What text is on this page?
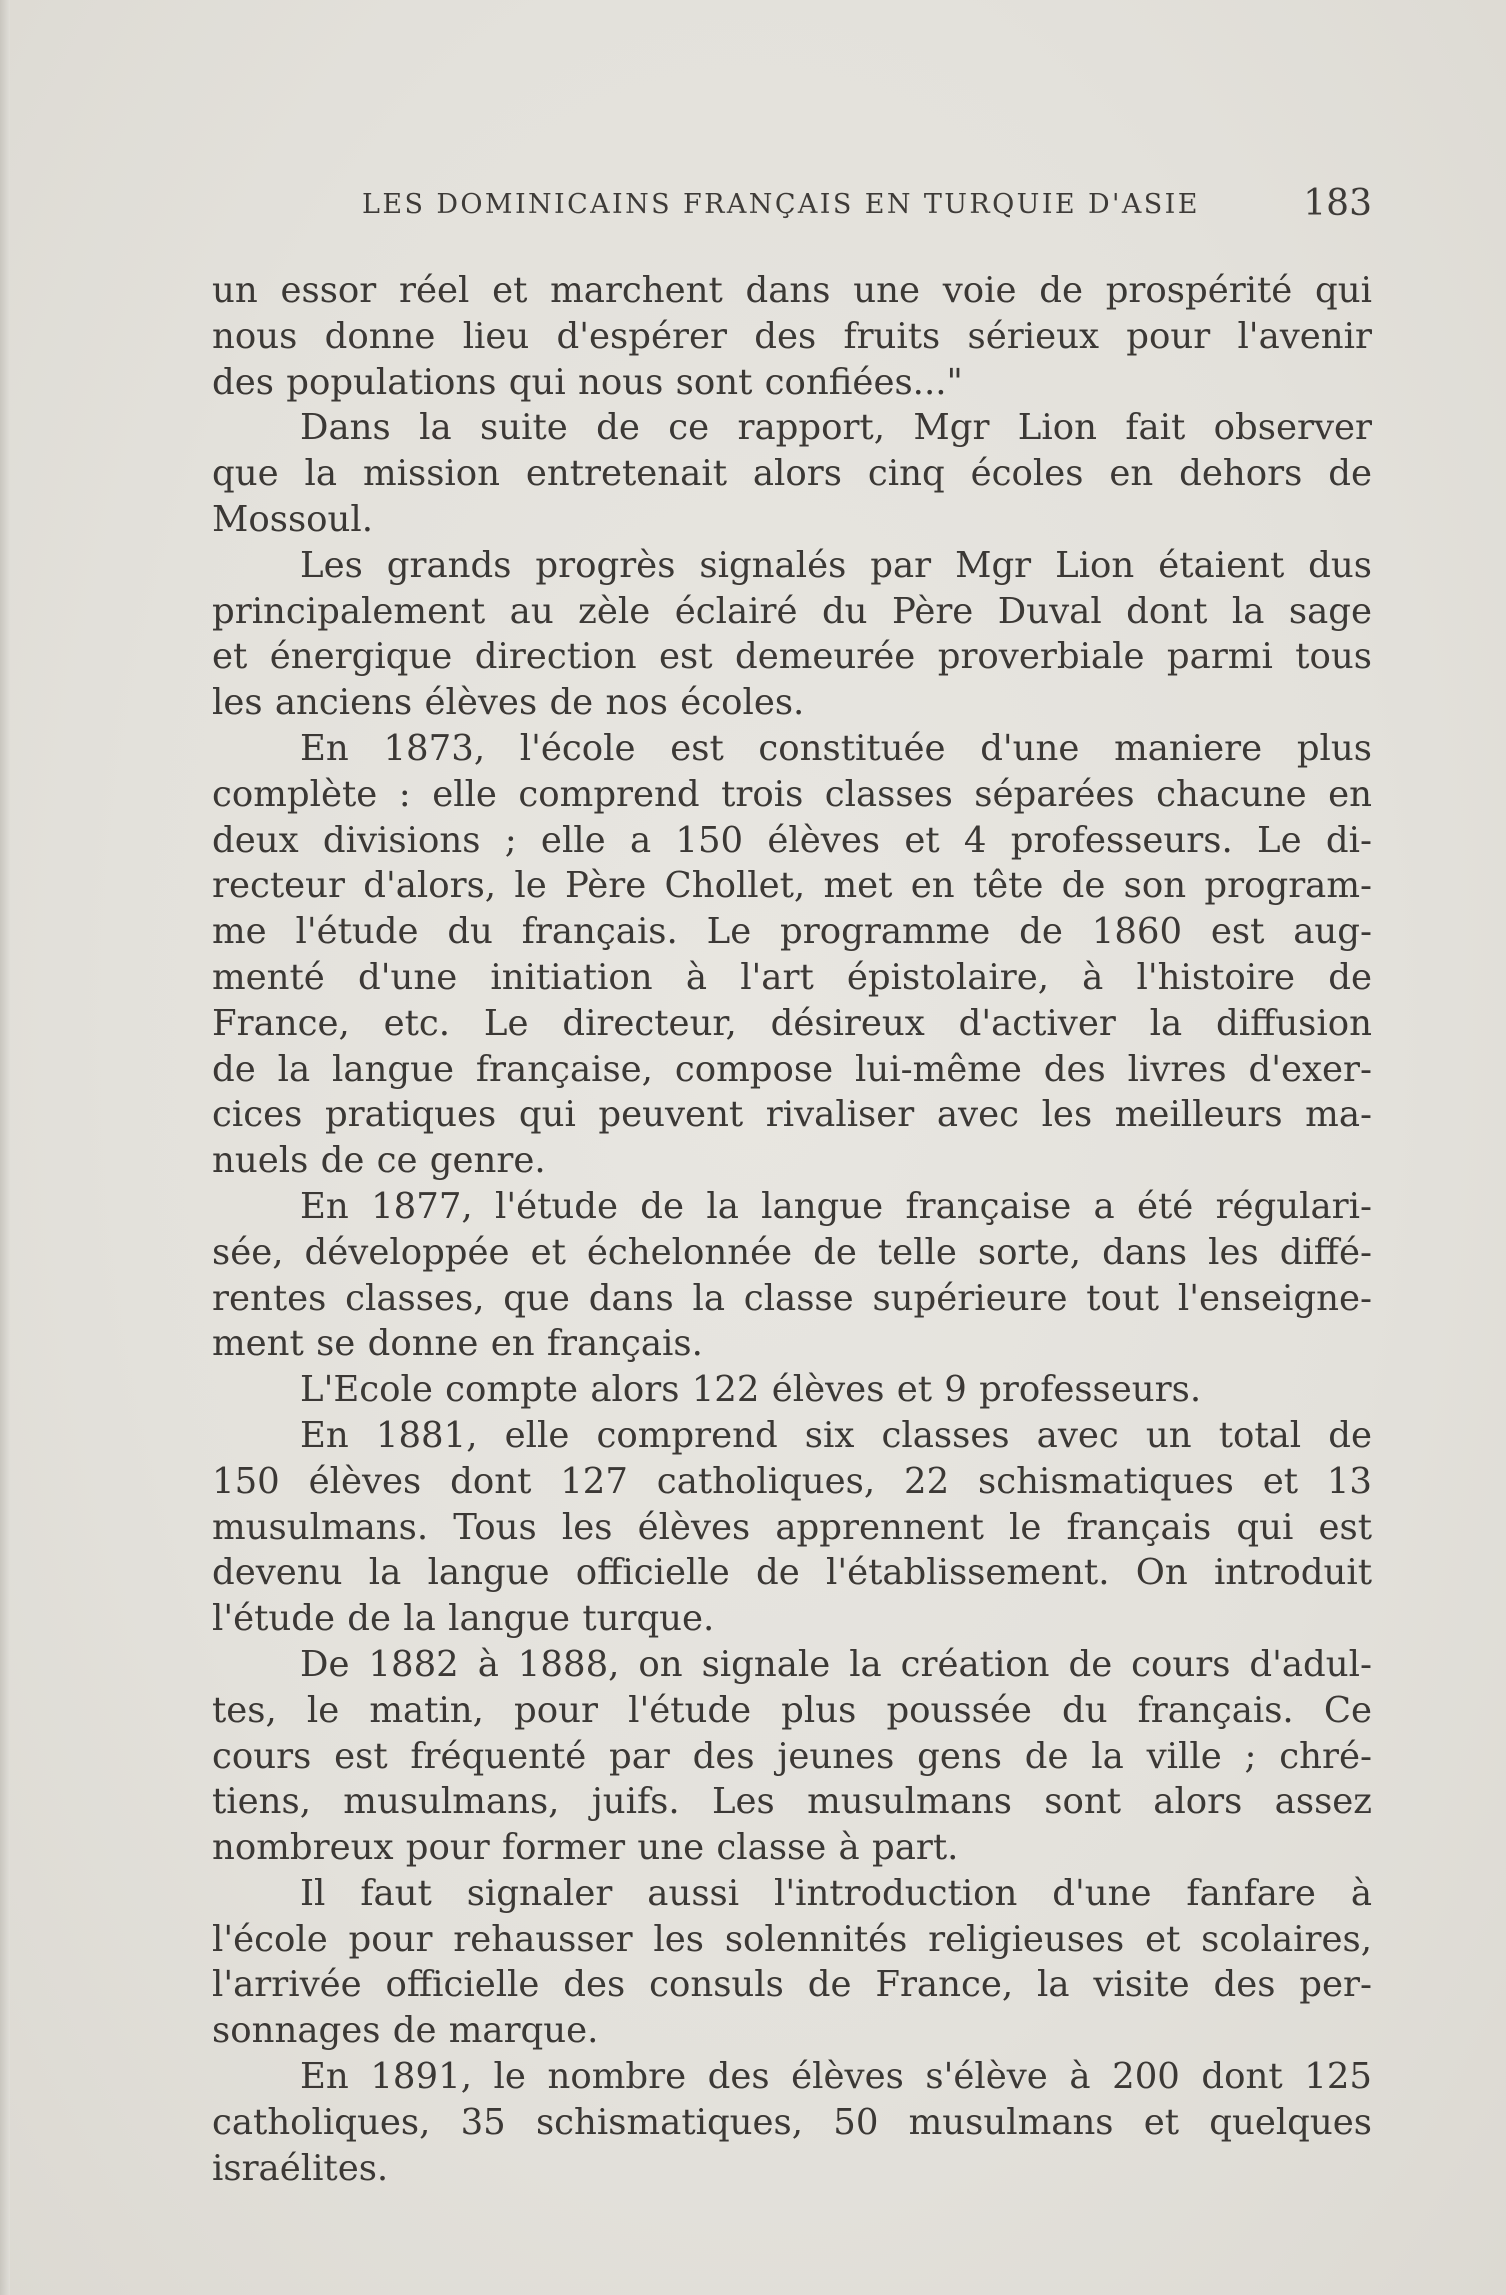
LES DOMINICAINS FRANÇAIS EN TURQUIE D'ASIE	183

un essor réel et marchent dans une voie de prospérité qui

nous donne lieu d'espérer des fruits sérieux pour l'avenir

des populations qui nous sont confiées..."

Dans la suite de ce rapport, Mgr Lion fait observer

que la mission entretenait alors cinq écoles en dehors de

Mossoul.

Les grands progrès signalés par Mgr Lion étaient dus

principalement au zèle éclairé du Père Duval dont la sage

et énergique direction est demeurée proverbiale parmi tous

les anciens élèves de nos écoles.

En 1873, l'école est constituée d'une maniere plus

complète : elle comprend trois classes séparées chacune en

deux divisions ; elle a 150 élèves et 4 professeurs. Le di-

recteur d'alors, le Père Chollet, met en tête de son program-

me l'étude du français. Le programme de 1860 est aug-

menté d'une initiation à l'art épistolaire, à l'histoire de

France, etc. Le directeur, désireux d'activer la diffusion

de la langue française, compose lui-même des livres d'exer-

cices pratiques qui peuvent rivaliser avec les meilleurs ma-

nuels de ce genre.

En 1877, l'étude de la langue française a été régulari-

sée, développée et échelonnée de telle sorte, dans les diffé-

rentes classes, que dans la classe supérieure tout l'enseigne-

ment se donne en français.

L'Ecole compte alors 122 élèves et 9 professeurs.

En 1881, elle comprend six classes avec un total de

150 élèves dont 127 catholiques, 22 schismatiques et 13

musulmans. Tous les élèves apprennent le français qui est

devenu la langue officielle de l'établissement. On introduit

l'étude de la langue turque.

De 1882 à 1888, on signale la création de cours d'adul-

tes, le matin, pour l'étude plus poussée du français. Ce

cours est fréquenté par des jeunes gens de la ville ; chré-

tiens, musulmans, juifs. Les musulmans sont alors assez

nombreux pour former une classe à part.

Il faut signaler aussi l'introduction d'une fanfare à

l'école pour rehausser les solennités religieuses et scolaires,

l'arrivée officielle des consuls de France, la visite des per-

sonnages de marque.

En 1891, le nombre des élèves s'élève à 200 dont 125

catholiques, 35 schismatiques, 50 musulmans et quelques

israélites.
